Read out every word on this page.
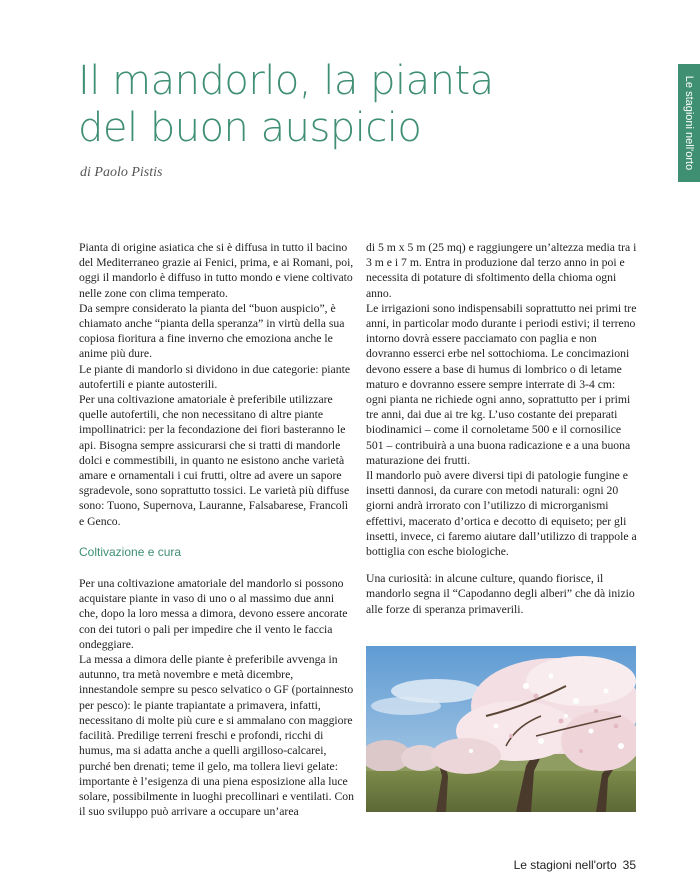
Il mandorlo, la pianta
del buon auspicio
di Paolo Pistis
Le stagioni nell'orto

Pianta di origine asiatica che si è diffusa in tutto il bacino del Mediterraneo grazie ai Fenici, prima, e ai Romani, poi, oggi il mandorlo è diffuso in tutto mondo e viene coltivato nelle zone con clima temperato.

Da sempre considerato la pianta del “buon auspicio”, è chiamato anche “pianta della speranza” in virtù della sua copiosa fioritura a fine inverno che emoziona anche le anime più dure.

Le piante di mandorlo si dividono in due categorie: piante autofertili e piante autosterili.

Per una coltivazione amatoriale è preferibile utilizzare quelle autofertili, che non necessitano di altre piante impollinatrici: per la fecondazione dei fiori basteranno le api. Bisogna sempre assicurarsi che si tratti di mandorle dolci e commestibili, in quanto ne esistono anche varietà amare e ornamentali i cui frutti, oltre ad avere un sapore sgradevole, sono soprattutto tossici. Le varietà più diffuse sono: Tuono, Supernova, Lauranne, Falsabarese, Francolì e Genco.

Coltivazione e cura

Per una coltivazione amatoriale del mandorlo si possono acquistare piante in vaso di uno o al massimo due anni che, dopo la loro messa a dimora, devono essere ancorate con dei tutori o pali per impedire che il vento le faccia ondeggiare.

La messa a dimora delle piante è preferibile avvenga in autunno, tra metà novembre e metà dicembre, innestandole sempre su pesco selvatico o GF (portainnesto per pesco): le piante trapiantate a primavera, infatti, necessitano di molte più cure e si ammalano con maggiore facilità. Predilige terreni freschi e profondi, ricchi di humus, ma si adatta anche a quelli argilloso-calcarei, purché ben drenati; teme il gelo, ma tollera lievi gelate: importante è l’esigenza di una piena esposizione alla luce solare, possibilmente in luoghi precollinari e ventilati. Con il suo sviluppo può arrivare a occupare un’area

di 5 m x 5 m (25 mq) e raggiungere un’altezza media tra i 3 m e i 7 m. Entra in produzione dal terzo anno in poi e necessita di potature di sfoltimento della chioma ogni anno.

Le irrigazioni sono indispensabili soprattutto nei primi tre anni, in particolar modo durante i periodi estivi; il terreno intorno dovrà essere pacciamato con paglia e non dovranno esserci erbe nel sottochioma. Le concimazioni devono essere a base di humus di lombrico o di letame maturo e dovranno essere sempre interrate di 3-4 cm: ogni pianta ne richiede ogni anno, soprattutto per i primi tre anni, dai due ai tre kg. L’uso costante dei preparati biodinamici – come il cornoletame 500 e il cornosilice 501 – contribuirà a una buona radicazione e a una buona maturazione dei frutti.

Il mandorlo può avere diversi tipi di patologie fungine e insetti dannosi, da curare con metodi naturali: ogni 20 giorni andrà irrorato con l’utilizzo di microrganismi effettivi, macerato d’ortica e decotto di equiseto; per gli insetti, invece, ci faremo aiutare dall’utilizzo di trappole a bottiglia con esche biologiche.

Una curiosità: in alcune culture, quando fiorisce, il mandorlo segna il “Capodanno degli alberi” che dà inizio alle forze di speranza primaverili.

Le stagioni nell'orto 35
